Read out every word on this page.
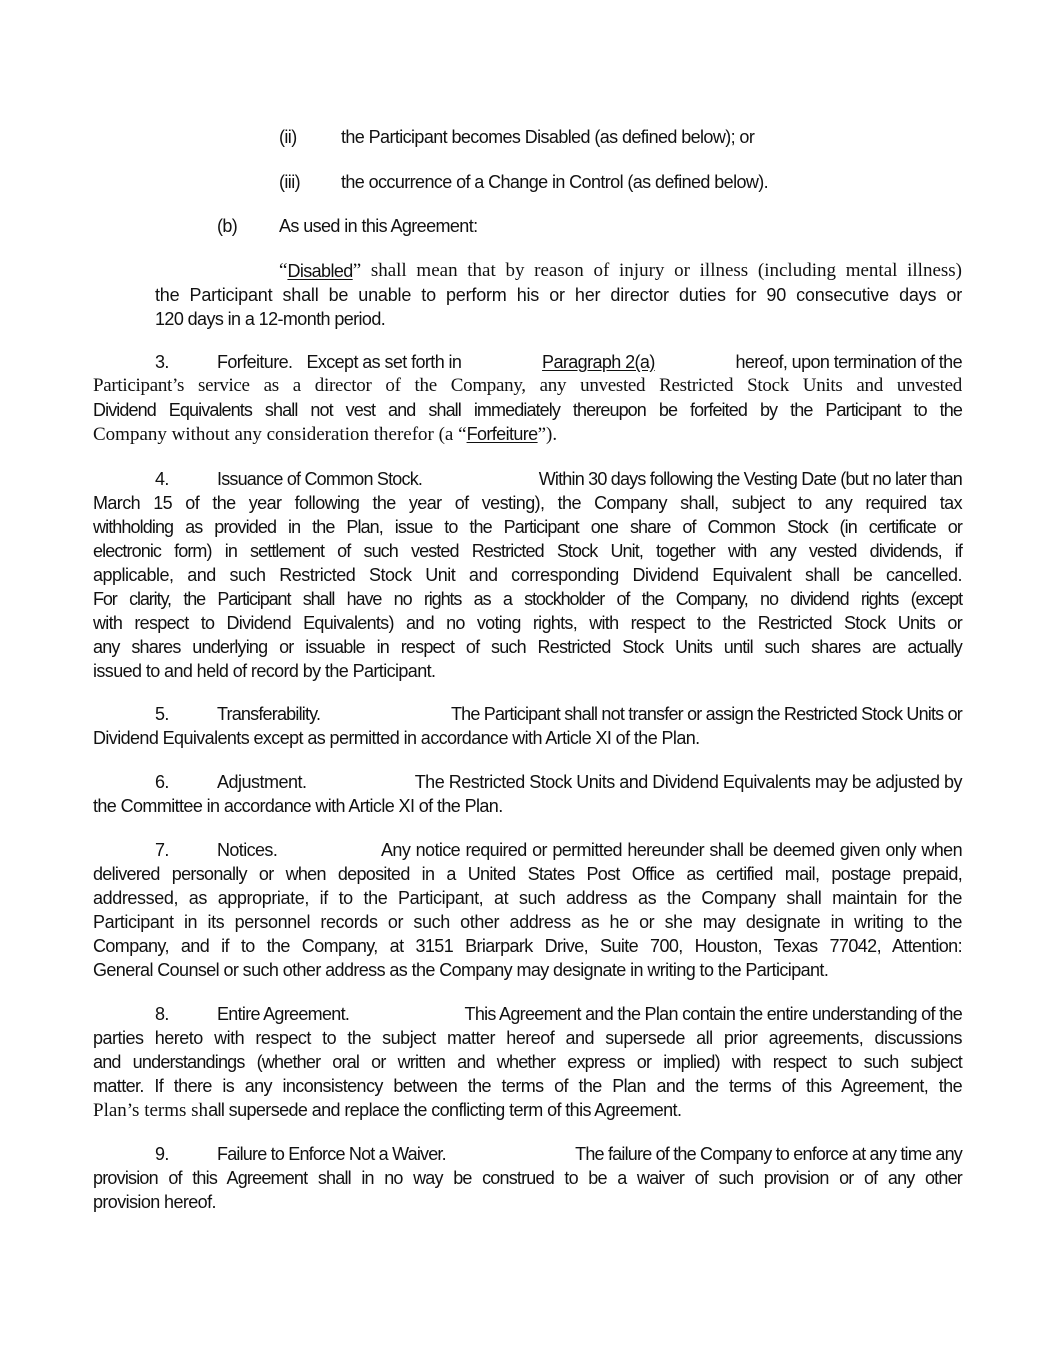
(ii) the Participant becomes Disabled (as defined below); or
(iii) the occurrence of a Change in Control (as defined below).
(b) As used in this Agreement:
“ Disabled ” shall mean that by reason of injury or illness (including mental illness)
the Participant shall be unable to perform his or her director duties for 90 consecutive days or
120 days in a 12-month period.
3.	Forfeiture. Except as set forth in	Paragraph 2(a)	hereof, upon termination of the
Participant’s service as a director of the Company, any unvested Restricted Stock Units and unvested
Dividend Equivalents shall not vest and shall immediately thereupon be forfeited by the Participant to the
Company without any consideration therefor (a “Forfeiture”).
4.	Issuance of Common Stock.	Within 30 days following the Vesting Date (but no later than
March 15 of the year following the year of vesting), the Company shall, subject to any required tax
withholding as provided in the Plan, issue to the Participant one share of Common Stock (in certificate or
electronic form) in settlement of such vested Restricted Stock Unit, together with any vested dividends, if
applicable, and such Restricted Stock Unit and corresponding Dividend Equivalent shall be cancelled.
For clarity, the Participant shall have no rights as a stockholder of the Company, no dividend rights (except
with respect to Dividend Equivalents) and no voting rights, with respect to the Restricted Stock Units or
any shares underlying or issuable in respect of such Restricted Stock Units until such shares are actually
issued to and held of record by the Participant.
5.	Transferability.	The Participant shall not transfer or assign the Restricted Stock Units or
Dividend Equivalents except as permitted in accordance with Article XI of the Plan.
6.	Adjustment.	The Restricted Stock Units and Dividend Equivalents may be adjusted by
the Committee in accordance with Article XI of the Plan.
7.	Notices.	Any notice required or permitted hereunder shall be deemed given only when
delivered personally or when deposited in a United States Post Office as certified mail, postage prepaid,
addressed, as appropriate, if to the Participant, at such address as the Company shall maintain for the
Participant in its personnel records or such other address as he or she may designate in writing to the
Company, and if to the Company, at 3151 Briarpark Drive, Suite 700, Houston, Texas 77042, Attention:
General Counsel or such other address as the Company may designate in writing to the Participant.
8.	Entire Agreement.	This Agreement and the Plan contain the entire understanding of the
parties hereto with respect to the subject matter hereof and supersede all prior agreements, discussions
and understandings (whether oral or written and whether express or implied) with respect to such subject
matter. If there is any inconsistency between the terms of the Plan and the terms of this Agreement, the
Plan’s terms shall supersede and replace the conflicting term of this Agreement.
9.	Failure to Enforce Not a Waiver.	The failure of the Company to enforce at any time any
provision of this Agreement shall in no way be construed to be a waiver of such provision or of any other
provision hereof.
